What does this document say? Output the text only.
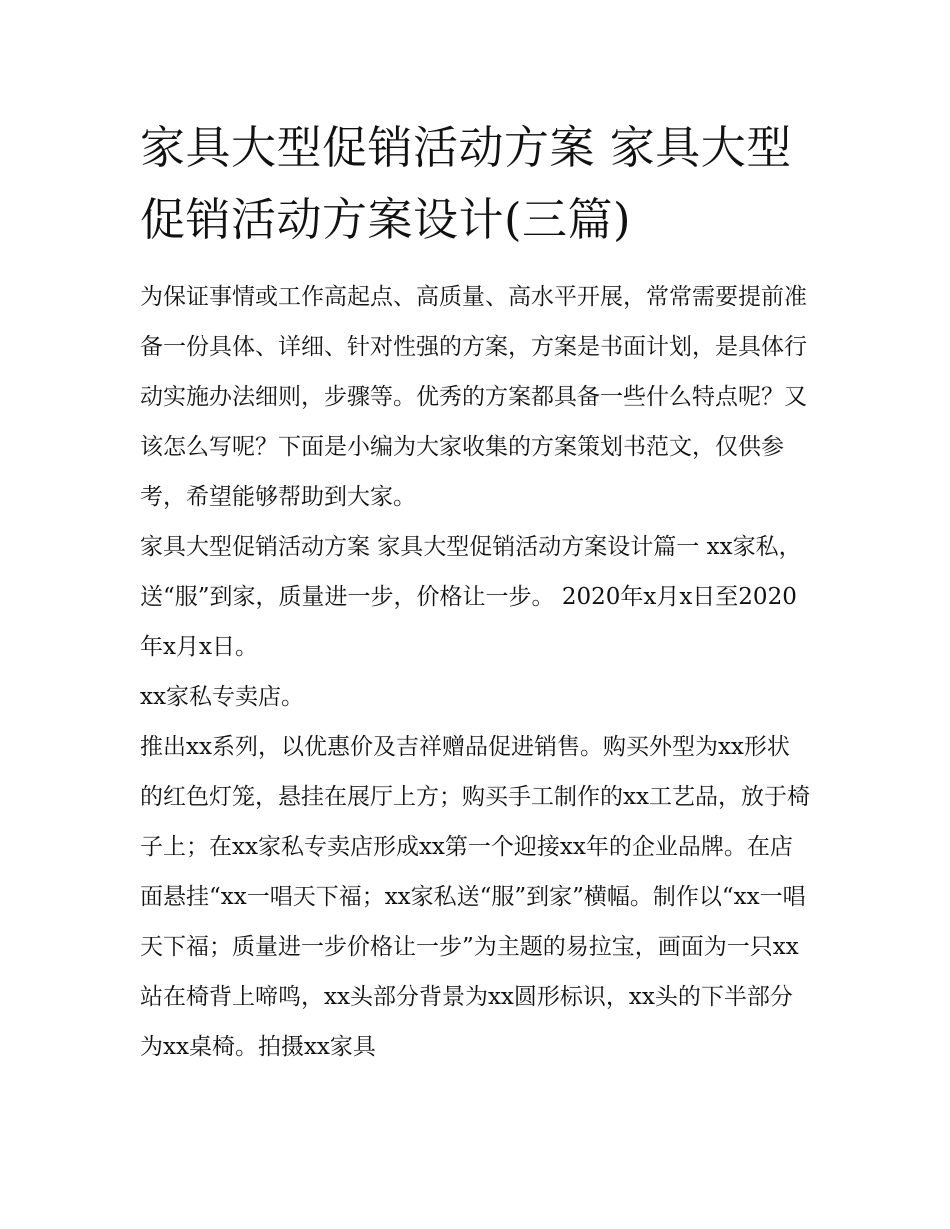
家具大型促销活动方案 家具大型促销活动方案设计(三篇)

为保证事情或工作高起点、高质量、高水平开展，常常需要提前准备一份具体、详细、针对性强的方案，方案是书面计划，是具体行动实施办法细则，步骤等。优秀的方案都具备一些什么特点呢？又该怎么写呢？下面是小编为大家收集的方案策划书范文，仅供参考，希望能够帮助到大家。

家具大型促销活动方案 家具大型促销活动方案设计篇一 xx家私，送“服”到家，质量进一步，价格让一步。 2020年x月x日至2020年x月x日。

xx家私专卖店。

推出xx系列，以优惠价及吉祥赠品促进销售。购买外型为xx形状的红色灯笼，悬挂在展厅上方；购买手工制作的xx工艺品，放于椅子上；在xx家私专卖店形成xx第一个迎接xx年的企业品牌。在店面悬挂“xx一唱天下福；xx家私送“服”到家”横幅。制作以“xx一唱天下福；质量进一步价格让一步”为主题的易拉宝，画面为一只xx站在椅背上啼鸣，xx头部分背景为xx圆形标识，xx头的下半部分为xx桌椅。拍摄xx家具
